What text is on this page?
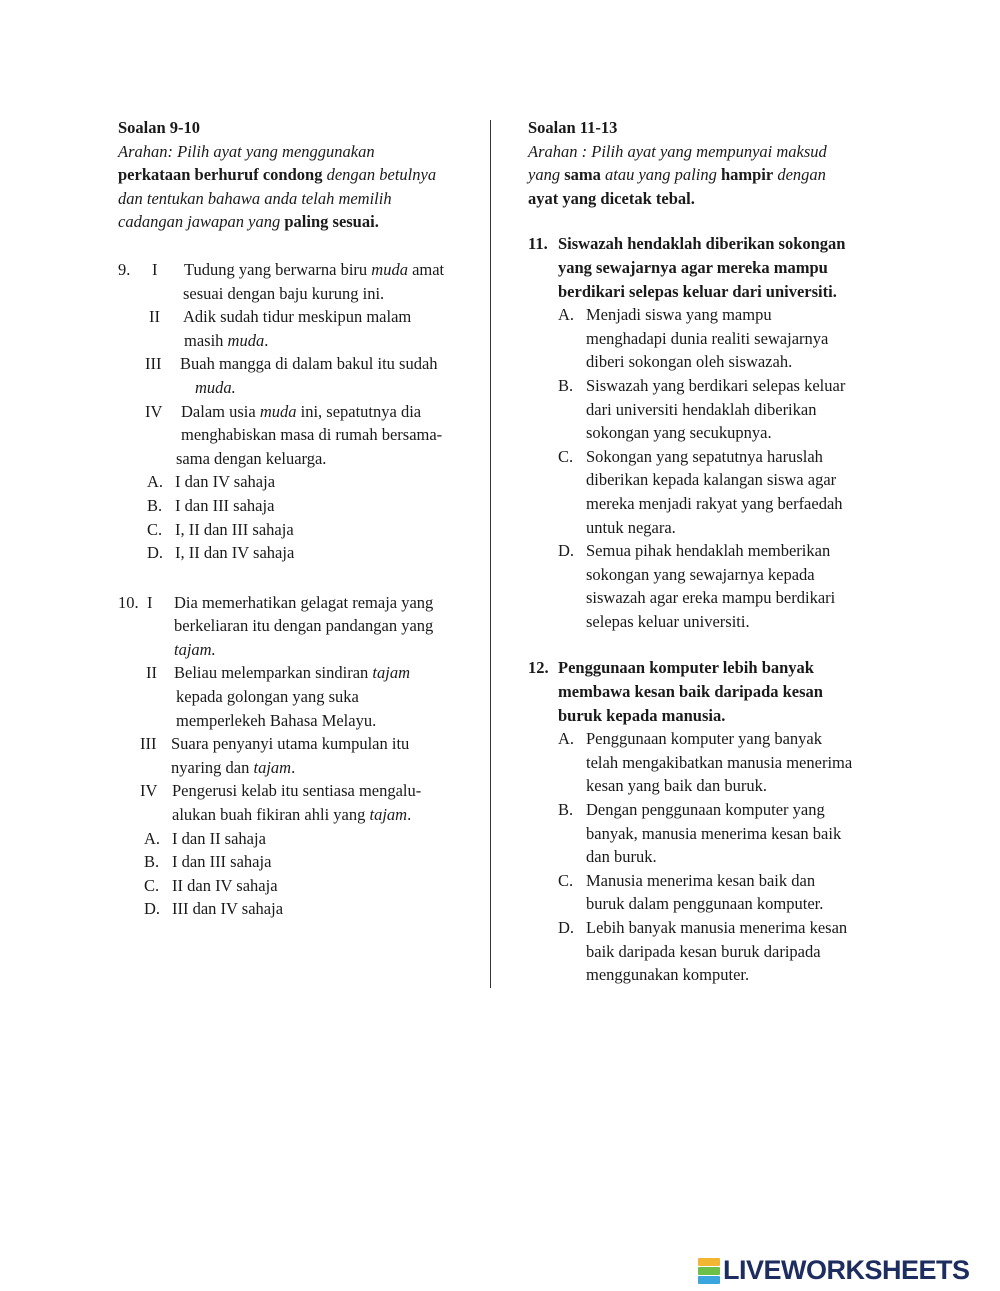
Soalan 9-10
Arahan: Pilih ayat yang menggunakan
perkataan berhuruf condong dengan betulnya
dan tentukan bahawa anda telah memilih
cadangan jawapan yang paling sesuai.
9. I Tudung yang berwarna biru muda amat
sesuai dengan baju kurung ini.
II Adik sudah tidur meskipun malam
masih muda.
III Buah mangga di dalam bakul itu sudah
muda.
IV Dalam usia muda ini, sepatutnya dia
menghabiskan masa di rumah bersama-
sama dengan keluarga.
A. I dan IV sahaja
B. I dan III sahaja
C. I, II dan III sahaja
D. I, II dan IV sahaja
10. I Dia memerhatikan gelagat remaja yang
berkeliaran itu dengan pandangan yang
tajam.
II Beliau melemparkan sindiran tajam
kepada golongan yang suka
memperlekeh Bahasa Melayu.
III Suara penyanyi utama kumpulan itu
nyaring dan tajam.
IV Pengerusi kelab itu sentiasa mengalu-
alukan buah fikiran ahli yang tajam.
A. I dan II sahaja
B. I dan III sahaja
C. II dan IV sahaja
D. III dan IV sahaja
Soalan 11-13
Arahan : Pilih ayat yang mempunyai maksud
yang sama atau yang paling hampir dengan
ayat yang dicetak tebal.
11. Siswazah hendaklah diberikan sokongan
yang sewajarnya agar mereka mampu
berdikari selepas keluar dari universiti.
A. Menjadi siswa yang mampu
menghadapi dunia realiti sewajarnya
diberi sokongan oleh siswazah.
B. Siswazah yang berdikari selepas keluar
dari universiti hendaklah diberikan
sokongan yang secukupnya.
C. Sokongan yang sepatutnya haruslah
diberikan kepada kalangan siswa agar
mereka menjadi rakyat yang berfaedah
untuk negara.
D. Semua pihak hendaklah memberikan
sokongan yang sewajarnya kepada
siswazah agar ereka mampu berdikari
selepas keluar universiti.
12. Penggunaan komputer lebih banyak
membawa kesan baik daripada kesan
buruk kepada manusia.
A. Penggunaan komputer yang banyak
telah mengakibatkan manusia menerima
kesan yang baik dan buruk.
B. Dengan penggunaan komputer yang
banyak, manusia menerima kesan baik
dan buruk.
C. Manusia menerima kesan baik dan
buruk dalam penggunaan komputer.
D. Lebih banyak manusia menerima kesan
baik daripada kesan buruk daripada
menggunakan komputer.
LIVEWORKSHEETS
